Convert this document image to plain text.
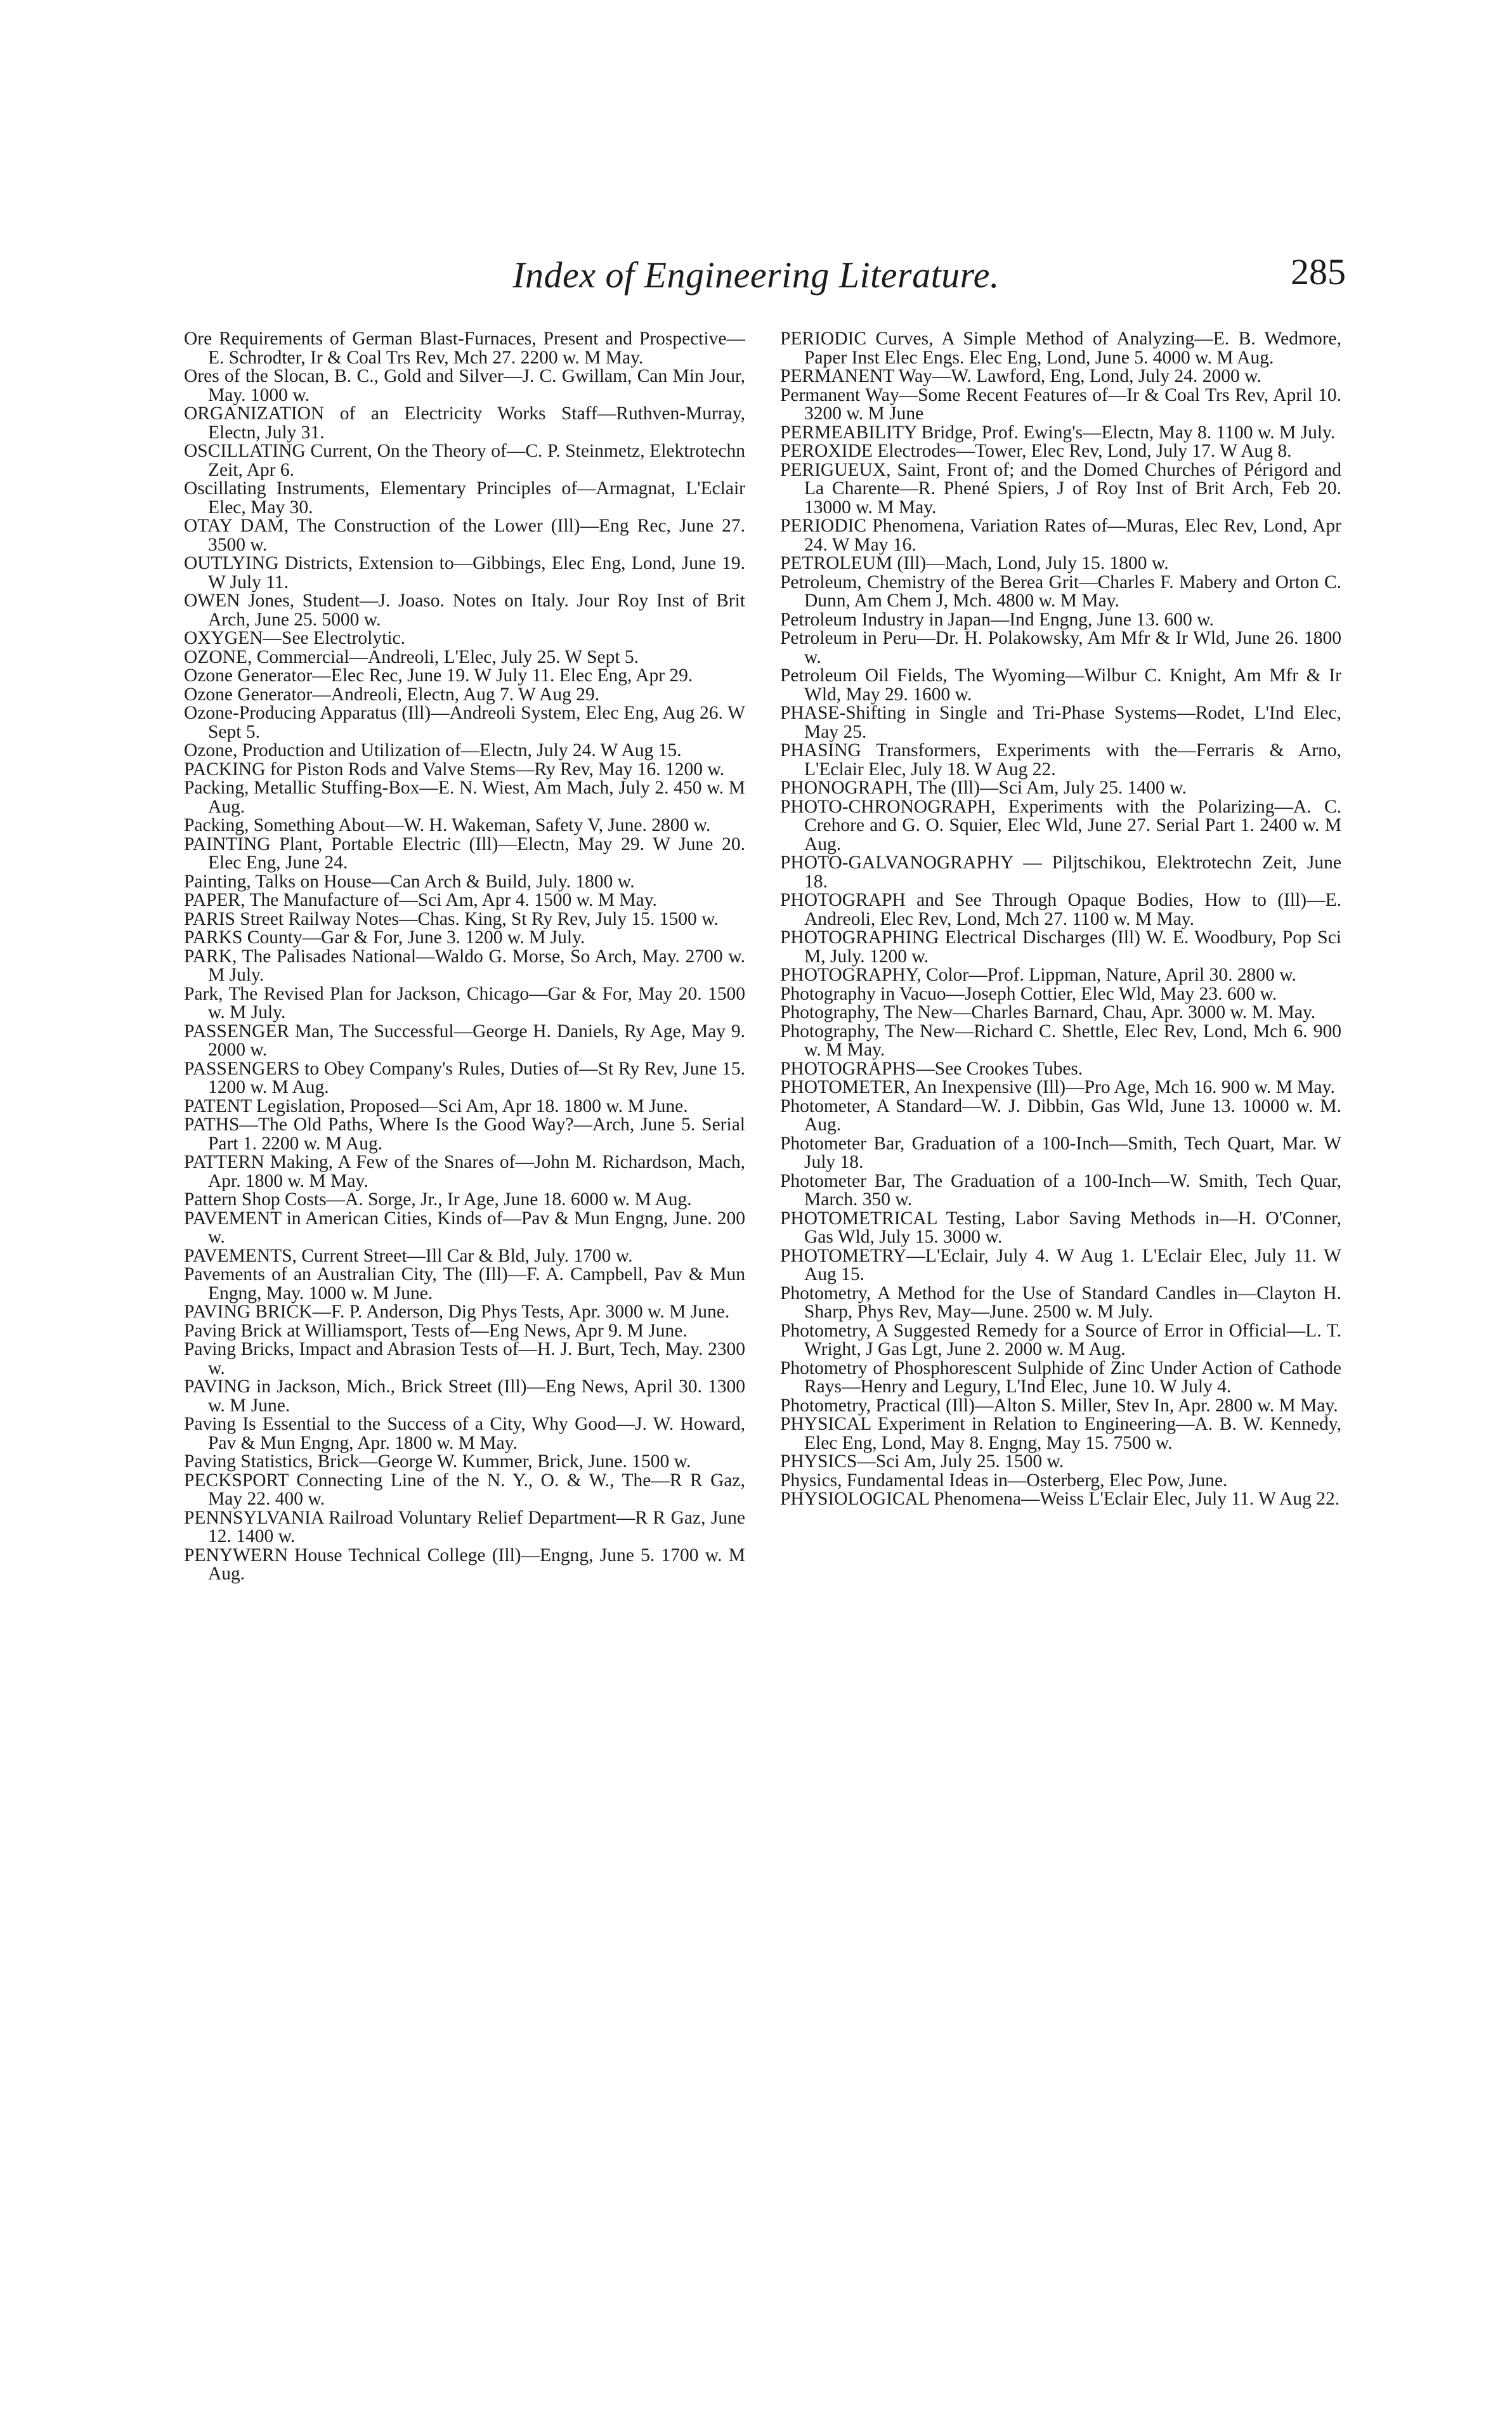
Index of Engineering Literature.	285

Ore Requirements of German Blast-Furnaces, Present and Prospective—E. Schrodter, Ir & Coal Trs Rev, Mch 27. 2200 w. M May.

Ores of the Slocan, B. C., Gold and Silver—J. C. Gwillam, Can Min Jour, May. 1000 w.

ORGANIZATION of an Electricity Works Staff—Ruthven-Murray, Electn, July 31.

OSCILLATING Current, On the Theory of—C. P. Steinmetz, Elektrotechn Zeit, Apr 6.

Oscillating Instruments, Elementary Principles of—Armagnat, L'Eclair Elec, May 30.

OTAY DAM, The Construction of the Lower (Ill)—Eng Rec, June 27. 3500 w.

OUTLYING Districts, Extension to—Gibbings, Elec Eng, Lond, June 19. W July 11.

OWEN Jones, Student—J. Joaso. Notes on Italy. Jour Roy Inst of Brit Arch, June 25. 5000 w.

OXYGEN—See Electrolytic.

OZONE, Commercial—Andreoli, L'Elec, July 25. W Sept 5.

Ozone Generator—Elec Rec, June 19. W July 11. Elec Eng, Apr 29.

Ozone Generator—Andreoli, Electn, Aug 7. W Aug 29.

Ozone-Producing Apparatus (Ill)—Andreoli System, Elec Eng, Aug 26. W Sept 5.

Ozone, Production and Utilization of—Electn, July 24. W Aug 15.

PACKING for Piston Rods and Valve Stems—Ry Rev, May 16. 1200 w.

Packing, Metallic Stuffing-Box—E. N. Wiest, Am Mach, July 2. 450 w. M Aug.

Packing, Something About—W. H. Wakeman, Safety V, June. 2800 w.

PAINTING Plant, Portable Electric (Ill)—Electn, May 29. W June 20. Elec Eng, June 24.

Painting, Talks on House—Can Arch & Build, July. 1800 w.

PAPER, The Manufacture of—Sci Am, Apr 4. 1500 w. M May.

PARIS Street Railway Notes—Chas. King, St Ry Rev, July 15. 1500 w.

PARKS County—Gar & For, June 3. 1200 w. M July.

PARK, The Palisades National—Waldo G. Morse, So Arch, May. 2700 w. M July.

Park, The Revised Plan for Jackson, Chicago—Gar & For, May 20. 1500 w. M July.

PASSENGER Man, The Successful—George H. Daniels, Ry Age, May 9. 2000 w.

PASSENGERS to Obey Company's Rules, Duties of—St Ry Rev, June 15. 1200 w. M Aug.

PATENT Legislation, Proposed—Sci Am, Apr 18. 1800 w. M June.

PATHS—The Old Paths, Where Is the Good Way?—Arch, June 5. Serial Part 1. 2200 w. M Aug.

PATTERN Making, A Few of the Snares of—John M. Richardson, Mach, Apr. 1800 w. M May.

Pattern Shop Costs—A. Sorge, Jr., Ir Age, June 18. 6000 w. M Aug.

PAVEMENT in American Cities, Kinds of—Pav & Mun Engng, June. 200 w.

PAVEMENTS, Current Street—Ill Car & Bld, July. 1700 w.

Pavements of an Australian City, The (Ill)—F. A. Campbell, Pav & Mun Engng, May. 1000 w. M June.

PAVING BRICK—F. P. Anderson, Dig Phys Tests, Apr. 3000 w. M June.

Paving Brick at Williamsport, Tests of—Eng News, Apr 9. M June.

Paving Bricks, Impact and Abrasion Tests of—H. J. Burt, Tech, May. 2300 w.

PAVING in Jackson, Mich., Brick Street (Ill)—Eng News, April 30. 1300 w. M June.

Paving Is Essential to the Success of a City, Why Good—J. W. Howard, Pav & Mun Engng, Apr. 1800 w. M May.

Paving Statistics, Brick—George W. Kummer, Brick, June. 1500 w.

PECKSPORT Connecting Line of the N. Y., O. & W., The—R R Gaz, May 22. 400 w.

PENNSYLVANIA Railroad Voluntary Relief Department—R R Gaz, June 12. 1400 w.

PENYWERN House Technical College (Ill)—Engng, June 5. 1700 w. M Aug.

PERIODIC Curves, A Simple Method of Analyzing—E. B. Wedmore, Paper Inst Elec Engs. Elec Eng, Lond, June 5. 4000 w. M Aug.

PERMANENT Way—W. Lawford, Eng, Lond, July 24. 2000 w.

Permanent Way—Some Recent Features of—Ir & Coal Trs Rev, April 10. 3200 w. M June

PERMEABILITY Bridge, Prof. Ewing's—Electn, May 8. 1100 w. M July.

PEROXIDE Electrodes—Tower, Elec Rev, Lond, July 17. W Aug 8.

PERIGUEUX, Saint, Front of; and the Domed Churches of Périgord and La Charente—R. Phené Spiers, J of Roy Inst of Brit Arch, Feb 20. 13000 w. M May.

PERIODIC Phenomena, Variation Rates of—Muras, Elec Rev, Lond, Apr 24. W May 16.

PETROLEUM (Ill)—Mach, Lond, July 15. 1800 w.

Petroleum, Chemistry of the Berea Grit—Charles F. Mabery and Orton C. Dunn, Am Chem J, Mch. 4800 w. M May.

Petroleum Industry in Japan—Ind Engng, June 13. 600 w.

Petroleum in Peru—Dr. H. Polakowsky, Am Mfr & Ir Wld, June 26. 1800 w.

Petroleum Oil Fields, The Wyoming—Wilbur C. Knight, Am Mfr & Ir Wld, May 29. 1600 w.

PHASE-Shifting in Single and Tri-Phase Systems—Rodet, L'Ind Elec, May 25.

PHASING Transformers, Experiments with the—Ferraris & Arno, L'Eclair Elec, July 18. W Aug 22.

PHONOGRAPH, The (Ill)—Sci Am, July 25. 1400 w.

PHOTO-CHRONOGRAPH, Experiments with the Polarizing—A. C. Crehore and G. O. Squier, Elec Wld, June 27. Serial Part 1. 2400 w. M Aug.

PHOTO-GALVANOGRAPHY — Piljtschikou, Elektrotechn Zeit, June 18.

PHOTOGRAPH and See Through Opaque Bodies, How to (Ill)—E. Andreoli, Elec Rev, Lond, Mch 27. 1100 w. M May.

PHOTOGRAPHING Electrical Discharges (Ill) W. E. Woodbury, Pop Sci M, July. 1200 w.

PHOTOGRAPHY, Color—Prof. Lippman, Nature, April 30. 2800 w.

Photography in Vacuo—Joseph Cottier, Elec Wld, May 23. 600 w.

Photography, The New—Charles Barnard, Chau, Apr. 3000 w. M. May.

Photography, The New—Richard C. Shettle, Elec Rev, Lond, Mch 6. 900 w. M May.

PHOTOGRAPHS—See Crookes Tubes.

PHOTOMETER, An Inexpensive (Ill)—Pro Age, Mch 16. 900 w. M May.

Photometer, A Standard—W. J. Dibbin, Gas Wld, June 13. 10000 w. M. Aug.

Photometer Bar, Graduation of a 100-Inch—Smith, Tech Quart, Mar. W July 18.

Photometer Bar, The Graduation of a 100-Inch—W. Smith, Tech Quar, March. 350 w.

PHOTOMETRICAL Testing, Labor Saving Methods in—H. O'Conner, Gas Wld, July 15. 3000 w.

PHOTOMETRY—L'Eclair, July 4. W Aug 1. L'Eclair Elec, July 11. W Aug 15.

Photometry, A Method for the Use of Standard Candles in—Clayton H. Sharp, Phys Rev, May—June. 2500 w. M July.

Photometry, A Suggested Remedy for a Source of Error in Official—L. T. Wright, J Gas Lgt, June 2. 2000 w. M Aug.

Photometry of Phosphorescent Sulphide of Zinc Under Action of Cathode Rays—Henry and Legury, L'Ind Elec, June 10. W July 4.

Photometry, Practical (Ill)—Alton S. Miller, Stev In, Apr. 2800 w. M May.

PHYSICAL Experiment in Relation to Engineering—A. B. W. Kennedy, Elec Eng, Lond, May 8. Engng, May 15. 7500 w.

PHYSICS—Sci Am, July 25. 1500 w.

Physics, Fundamental Ideas in—Osterberg, Elec Pow, June.

PHYSIOLOGICAL Phenomena—Weiss L'Eclair Elec, July 11. W Aug 22.
